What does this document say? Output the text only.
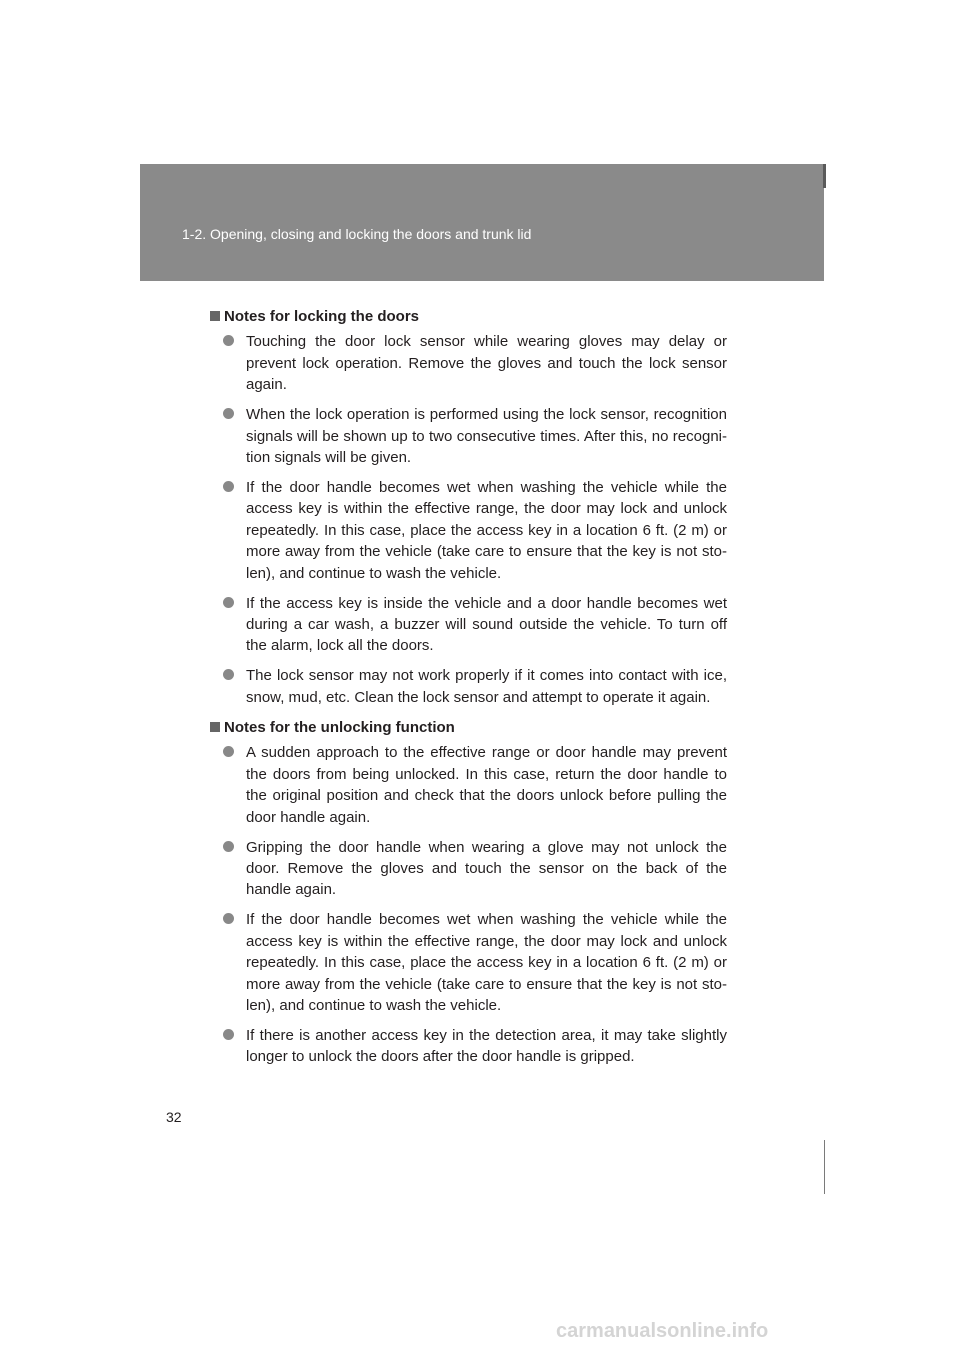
1-2. Opening, closing and locking the doors and trunk lid
Notes for locking the doors
Touching the door lock sensor while wearing gloves may delay or prevent lock operation. Remove the gloves and touch the lock sensor again.
When the lock operation is performed using the lock sensor, recognition signals will be shown up to two consecutive times. After this, no recogni-tion signals will be given.
If the door handle becomes wet when washing the vehicle while the access key is within the effective range, the door may lock and unlock repeatedly. In this case, place the access key in a location 6 ft. (2 m) or more away from the vehicle (take care to ensure that the key is not sto-len), and continue to wash the vehicle.
If the access key is inside the vehicle and a door handle becomes wet during a car wash, a buzzer will sound outside the vehicle. To turn off the alarm, lock all the doors.
The lock sensor may not work properly if it comes into contact with ice, snow, mud, etc. Clean the lock sensor and attempt to operate it again.
Notes for the unlocking function
A sudden approach to the effective range or door handle may prevent the doors from being unlocked. In this case, return the door handle to the original position and check that the doors unlock before pulling the door handle again.
Gripping the door handle when wearing a glove may not unlock the door. Remove the gloves and touch the sensor on the back of the handle again.
If the door handle becomes wet when washing the vehicle while the access key is within the effective range, the door may lock and unlock repeatedly. In this case, place the access key in a location 6 ft. (2 m) or more away from the vehicle (take care to ensure that the key is not sto-len), and continue to wash the vehicle.
If there is another access key in the detection area, it may take slightly longer to unlock the doors after the door handle is gripped.
32
carmanualsonline.info
